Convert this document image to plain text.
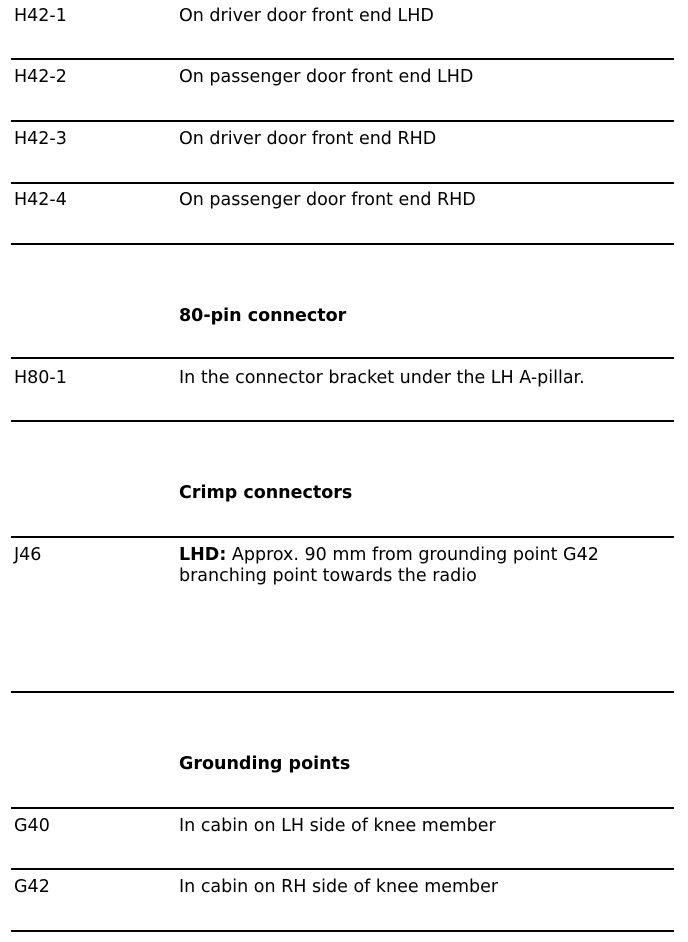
H42-1	On driver door front end LHD
H42-2	On passenger door front end LHD
H42-3	On driver door front end RHD
H42-4	On passenger door front end RHD
80-pin connector
H80-1	In the connector bracket under the LH A-pillar.
Crimp connectors
J46	LHD: Approx. 90 mm from grounding point G42 branching point towards the radio
Grounding points
G40	In cabin on LH side of knee member
G42	In cabin on RH side of knee member
